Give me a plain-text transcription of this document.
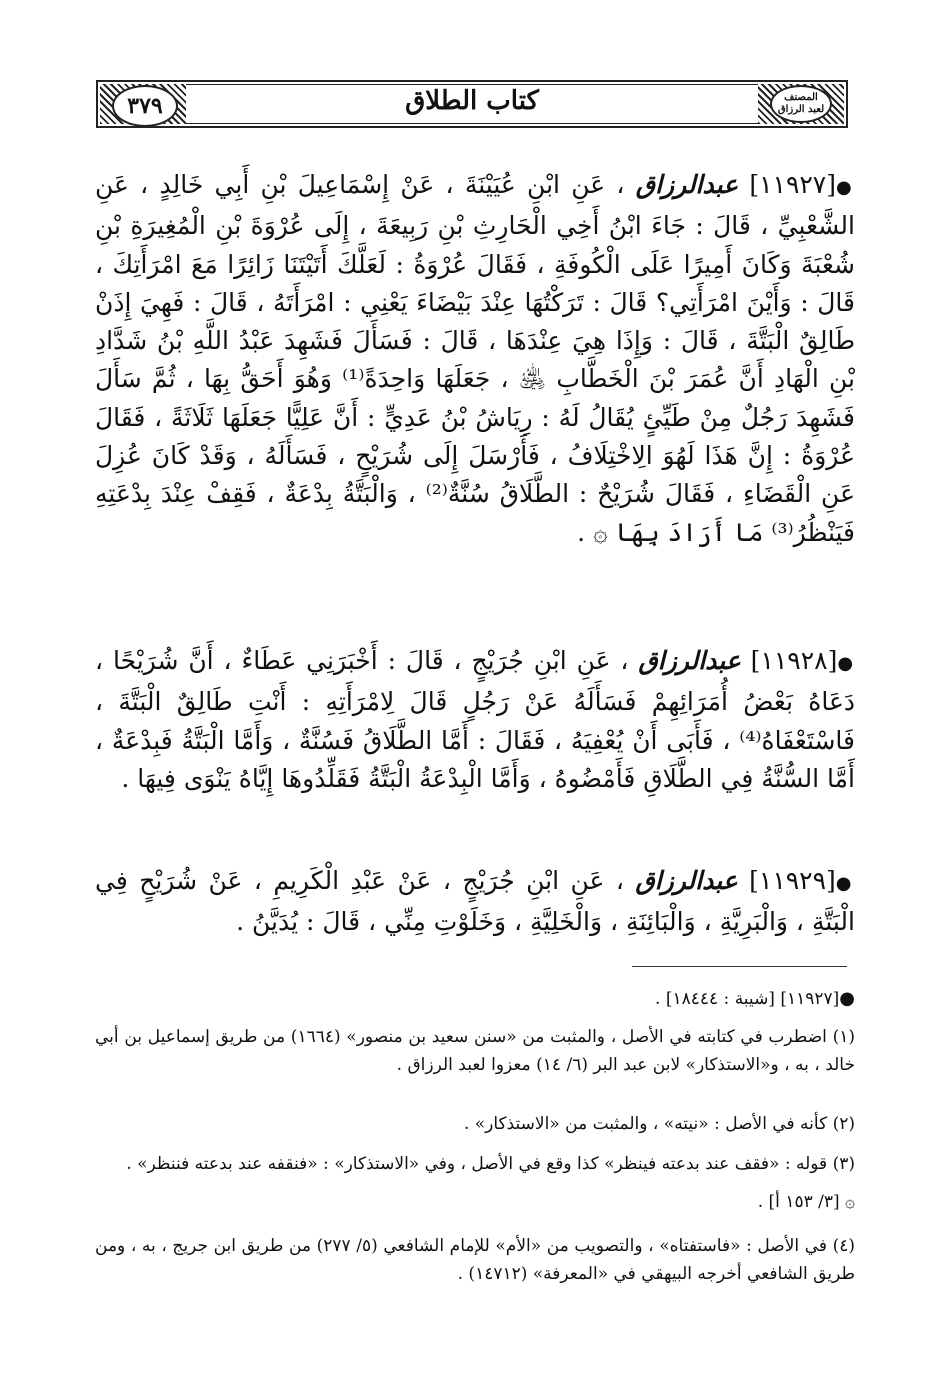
٣٧٩	المصنف لعبد الرزاق
كتاب الطلاق
●[١١٩٢٧] عبدالرزاق ، عَنِ ابْنِ عُيَيْنَةَ ، عَنْ إِسْمَاعِيلَ بْنِ أَبِي خَالِدٍ ، عَنِ الشَّعْبِيِّ ، قَالَ : جَاءَ ابْنُ أَخِي الْحَارِثِ بْنِ رَبِيعَةَ ، إِلَى عُرْوَةَ بْنِ الْمُغِيرَةِ بْنِ شُعْبَةَ وَكَانَ أَمِيرًا عَلَى الْكُوفَةِ ، فَقَالَ عُرْوَةُ : لَعَلَّكَ أَتَيْتَنَا زَائِرًا مَعَ امْرَأَتِكَ ، قَالَ : وَأَيْنَ امْرَأَتِي؟ قَالَ : تَرَكْتُهَا عِنْدَ بَيْضَاءَ يَعْنِي : امْرَأَتَهُ ، قَالَ : فَهِيَ إِذَنْ طَالِقٌ الْبَتَّةَ ، قَالَ : وَإِذَا هِيَ عِنْدَهَا ، قَالَ : فَسَأَلَ فَشَهِدَ عَبْدُ اللَّهِ بْنُ شَدَّادِ بْنِ الْهَادِ أَنَّ عُمَرَ بْنَ الْخَطَّابِ ﵁ ، جَعَلَهَا وَاحِدَةً⁽¹⁾ وَهُوَ أَحَقُّ بِهَا ، ثُمَّ سَأَلَ فَشَهِدَ رَجُلٌ مِنْ طَيِّئٍ يُقَالُ لَهُ : رِيَاشُ بْنُ عَدِيٍّ : أَنَّ عَلِيًّا جَعَلَهَا ثَلَاثَةً ، فَقَالَ عُرْوَةُ : إِنَّ هَذَا لَهُوَ الِاخْتِلَافُ ، فَأَرْسَلَ إِلَى شُرَيْحٍ ، فَسَأَلَهُ ، وَقَدْ كَانَ عُزِلَ عَنِ الْقَضَاءِ ، فَقَالَ شُرَيْحٌ : الطَّلَاقُ سُنَّةٌ⁽²⁾ ، وَالْبَتَّةُ بِدْعَةٌ ، فَقِفْ عِنْدَ بِدْعَتِهِ فَيَنْظُرُ⁽³⁾ مَا أَرَادَ بِهَا ۞ .
●[١١٩٢٨] عبدالرزاق ، عَنِ ابْنِ جُرَيْجٍ ، قَالَ : أَخْبَرَنِي عَطَاءٌ ، أَنَّ شُرَيْحًا ، دَعَاهُ بَعْضُ أُمَرَائِهِمْ فَسَأَلَهُ عَنْ رَجُلٍ قَالَ لِامْرَأَتِهِ : أَنْتِ طَالِقٌ الْبَتَّةَ ، فَاسْتَعْفَاهُ⁽⁴⁾ ، فَأَبَى أَنْ يُعْفِيَهُ ، فَقَالَ : أَمَّا الطَّلَاقُ فَسُنَّةٌ ، وَأَمَّا الْبَتَّةُ فَبِدْعَةٌ ، أَمَّا السُّنَّةُ فِي الطَّلَاقِ فَأَمْضُوهُ ، وَأَمَّا الْبِدْعَةُ الْبَتَّةُ فَقَلِّدُوهَا إِيَّاهُ يَنْوَى فِيهَا .
●[١١٩٢٩] عبدالرزاق ، عَنِ ابْنِ جُرَيْجٍ ، عَنْ عَبْدِ الْكَرِيمِ ، عَنْ شُرَيْحٍ فِي الْبَتَّةِ ، وَالْبَرِيَّةِ ، وَالْبَائِنَةِ ، وَالْخَلِيَّةِ ، وَخَلَوْتِ مِنِّي ، قَالَ : يُدَيَّنُ .
●[١١٩٢٧] [شيبة : ١٨٤٤٤] .
(١) اضطرب في كتابته في الأصل ، والمثبت من «سنن سعيد بن منصور» (١٦٦٤) من طريق إسماعيل بن أبي خالد ، به ، و«الاستذكار» لابن عبد البر (٦/ ١٤) معزوا لعبد الرزاق .
(٢) كأنه في الأصل : «نيته» ، والمثبت من «الاستذكار» .
(٣) قوله : «فقف عند بدعته فينظر» كذا وقع في الأصل ، وفي «الاستذكار» : «فنقفه عند بدعته فننظر» .
۞ [٣/ ١٥٣ أ] .
(٤) في الأصل : «فاستفتاه» ، والتصويب من «الأم» للإمام الشافعي (٥/ ٢٧٧) من طريق ابن جريج ، به ، ومن طريق الشافعي أخرجه البيهقي في «المعرفة» (١٤٧١٢) .
